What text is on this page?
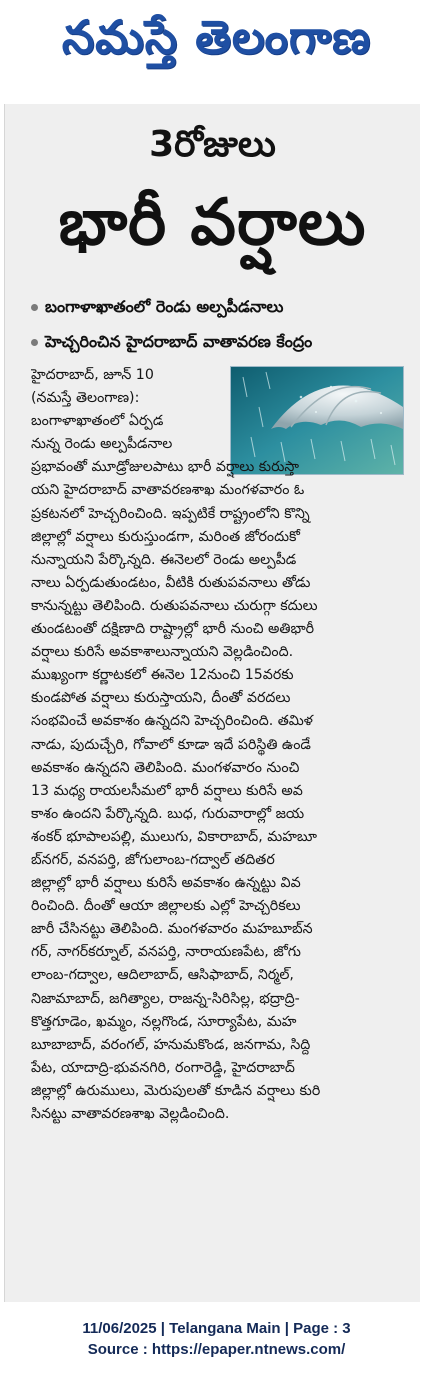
నమస్తే తెలంగాణ
3రోజులు
భారీ వర్షాలు
బంగాళాఖాతంలో రెండు అల్పపీడనాలు
హెచ్చరించిన హైదరాబాద్ వాతావరణ కేంద్రం
హైదరాబాద్, జూన్ 10
(నమస్తే తెలంగాణ):
బంగాళాఖాతంలో ఏర్పడ
నున్న రెండు అల్పపీడనాల
ప్రభావంతో మూడ్రోజులపాటు భారీ వర్షాలు కురుస్తా
యని హైదరాబాద్ వాతావరణశాఖ మంగళవారం ఓ
ప్రకటనలో హెచ్చరించింది. ఇప్పటికే రాష్ట్రంలోని కొన్ని
జిల్లాల్లో వర్షాలు కురుస్తుండగా, మరింత జోరందుకో
నున్నాయని పేర్కొన్నది. ఈనెలలో రెండు అల్పపీడ
నాలు ఏర్పడుతుండటం, వీటికి రుతుపవనాలు తోడు
కానున్నట్టు తెలిపింది. రుతుపవనాలు చురుగ్గా కదులు
తుండటంతో దక్షిణాది రాష్ట్రాల్లో భారీ నుంచి అతిభారీ
వర్షాలు కురిసే అవకాశాలున్నాయని వెల్లడించింది.
ముఖ్యంగా కర్ణాటకలో ఈనెల 12నుంచి 15వరకు
కుండపోత వర్షాలు కురుస్తాయని, దీంతో వరదలు
సంభవించే అవకాశం ఉన్నదని హెచ్చరించింది. తమిళ
నాడు, పుదుచ్చేరి, గోవాలో కూడా ఇదే పరిస్థితి ఉండే
అవకాశం ఉన్నదని తెలిపింది. మంగళవారం నుంచి
13 మధ్య రాయలసీమలో భారీ వర్షాలు కురిసే అవ
కాశం ఉందని పేర్కొన్నది. బుధ, గురువారాల్లో జయ
శంకర్ భూపాలపల్లి, ములుగు, వికారాబాద్, మహబూ
బ్‌నగర్, వనపర్తి, జోగులాంబ-గద్వాల్ తదితర
జిల్లాల్లో భారీ వర్షాలు కురిసే అవకాశం ఉన్నట్టు వివ
రించింది. దీంతో ఆయా జిల్లాలకు ఎల్లో హెచ్చరికలు
జారీ చేసినట్టు తెలిపింది. మంగళవారం మహబూబ్‌న
గర్, నాగర్‌కర్నూల్, వనపర్తి, నారాయణపేట, జోగు
లాంబ-గద్వాల, ఆదిలాబాద్, ఆసిఫాబాద్, నిర్మల్,
నిజామాబాద్, జగిత్యాల, రాజన్న-సిరిసిల్ల, భద్రాద్రి-
కొత్తగూడెం, ఖమ్మం, నల్లగొండ, సూర్యాపేట, మహ
బూబాబాద్, వరంగల్, హనుమకొండ, జనగామ, సిద్ది
పేట, యాదాద్రి-భువనగిరి, రంగారెడ్డి, హైదరాబాద్
జిల్లాల్లో ఉరుములు, మెరుపులతో కూడిన వర్షాలు కురి
సినట్టు వాతావరణశాఖ వెల్లడించింది.
11/06/2025 | Telangana Main | Page : 3
Source : https://epaper.ntnews.com/
